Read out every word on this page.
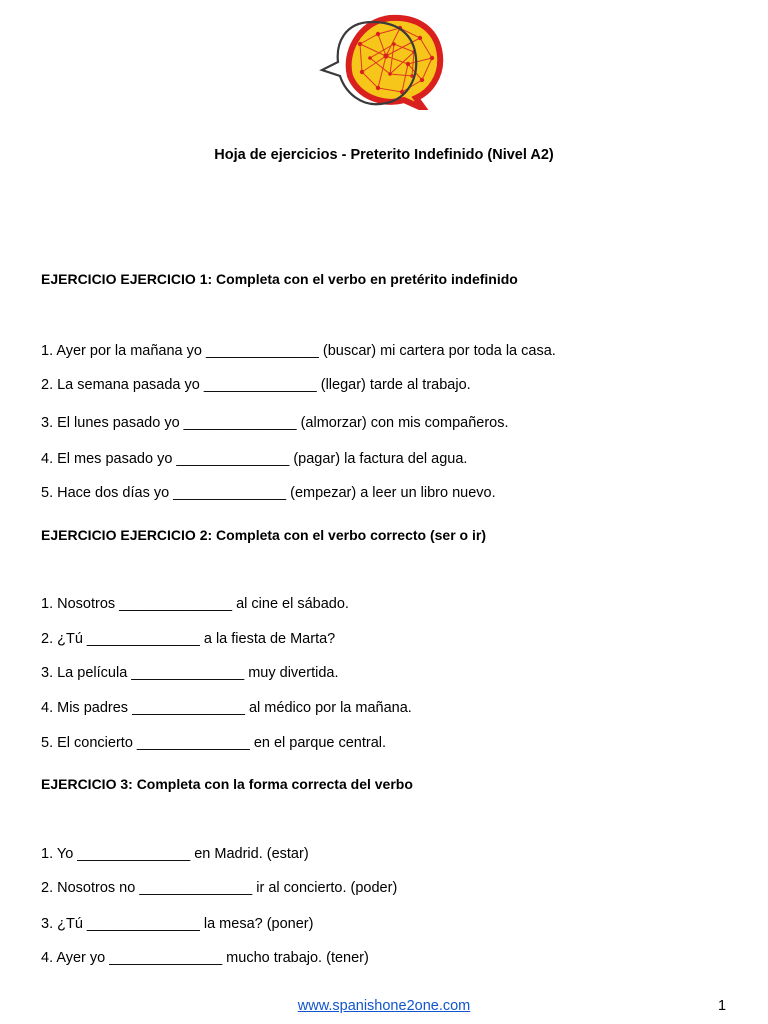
Hoja de ejercicios - Preterito Indefinido (Nivel A2)
EJERCICIO EJERCICIO 1: Completa con el verbo en pretérito indefinido
1. Ayer por la mañana yo ______________ (buscar) mi cartera por toda la casa.
2. La semana pasada yo ______________ (llegar) tarde al trabajo.
3. El lunes pasado yo ______________ (almorzar) con mis compañeros.
4. El mes pasado yo ______________ (pagar) la factura del agua.
5. Hace dos días yo ______________ (empezar) a leer un libro nuevo.
EJERCICIO EJERCICIO 2: Completa con el verbo correcto (ser o ir)
1. Nosotros ______________ al cine el sábado.
2. ¿Tú ______________ a la fiesta de Marta?
3. La película ______________ muy divertida.
4. Mis padres ______________ al médico por la mañana.
5. El concierto ______________ en el parque central.
EJERCICIO 3: Completa con la forma correcta del verbo
1. Yo ______________ en Madrid. (estar)
2. Nosotros no ______________ ir al concierto. (poder)
3. ¿Tú ______________ la mesa? (poner)
4. Ayer yo ______________ mucho trabajo. (tener)
www.spanishone2one.com	1
